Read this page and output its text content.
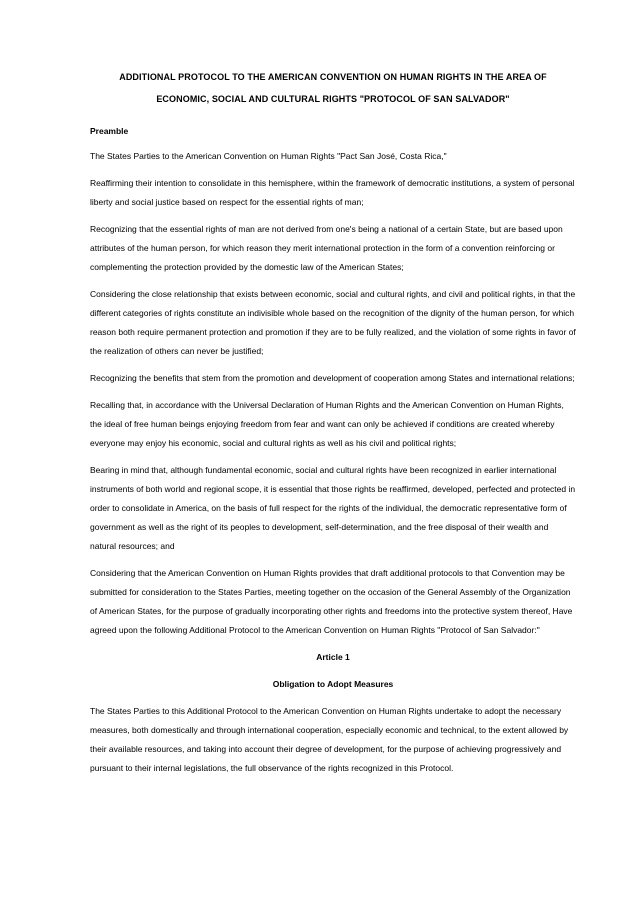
ADDITIONAL PROTOCOL TO THE AMERICAN CONVENTION ON HUMAN RIGHTS IN THE AREA OF
ECONOMIC, SOCIAL AND CULTURAL RIGHTS "PROTOCOL OF SAN SALVADOR"
Preamble

The States Parties to the American Convention on Human Rights "Pact San José, Costa Rica,"

Reaffirming their intention to consolidate in this hemisphere, within the framework of democratic institutions, a system of personal liberty and social justice based on respect for the essential rights of man;

Recognizing that the essential rights of man are not derived from one's being a national of a certain State, but are based upon attributes of the human person, for which reason they merit international protection in the form of a convention reinforcing or complementing the protection provided by the domestic law of the American States;

Considering the close relationship that exists between economic, social and cultural rights, and civil and political rights, in that the different categories of rights constitute an indivisible whole based on the recognition of the dignity of the human person, for which reason both require permanent protection and promotion if they are to be fully realized, and the violation of some rights in favor of the realization of others can never be justified;

Recognizing the benefits that stem from the promotion and development of cooperation among States and international relations;

Recalling that, in accordance with the Universal Declaration of Human Rights and the American Convention on Human Rights, the ideal of free human beings enjoying freedom from fear and want can only be achieved if conditions are created whereby everyone may enjoy his economic, social and cultural rights as well as his civil and political rights;

Bearing in mind that, although fundamental economic, social and cultural rights have been recognized in earlier international instruments of both world and regional scope, it is essential that those rights be reaffirmed, developed, perfected and protected in order to consolidate in America, on the basis of full respect for the rights of the individual, the democratic representative form of government as well as the right of its peoples to development, self-determination, and the free disposal of their wealth and natural resources; and

Considering that the American Convention on Human Rights provides that draft additional protocols to that Convention may be submitted for consideration to the States Parties, meeting together on the occasion of the General Assembly of the Organization of American States, for the purpose of gradually incorporating other rights and freedoms into the protective system thereof, Have agreed upon the following Additional Protocol to the American Convention on Human Rights "Protocol of San Salvador:"

Article 1
Obligation to Adopt Measures

The States Parties to this Additional Protocol to the American Convention on Human Rights undertake to adopt the necessary measures, both domestically and through international cooperation, especially economic and technical, to the extent allowed by their available resources, and taking into account their degree of development, for the purpose of achieving progressively and pursuant to their internal legislations, the full observance of the rights recognized in this Protocol.
